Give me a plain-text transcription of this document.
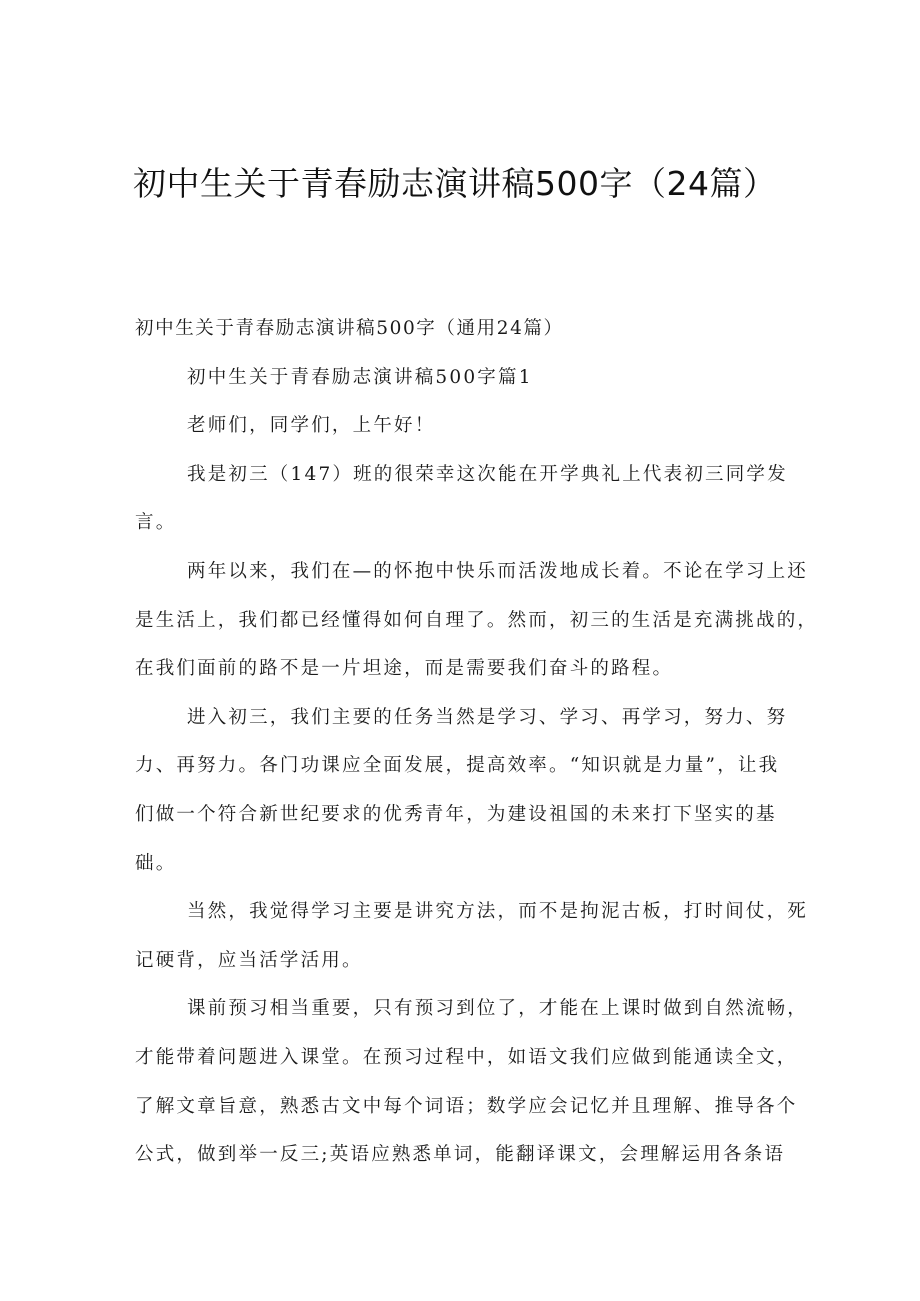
初中生关于青春励志演讲稿500字（24篇）
初中生关于青春励志演讲稿500字（通用24篇）
初中生关于青春励志演讲稿500字篇1
老师们，同学们，上午好！
我是初三（147）班的很荣幸这次能在开学典礼上代表初三同学发
言。
两年以来，我们在—的怀抱中快乐而活泼地成长着。不论在学习上还
是生活上，我们都已经懂得如何自理了。然而，初三的生活是充满挑战的，
在我们面前的路不是一片坦途，而是需要我们奋斗的路程。
进入初三，我们主要的任务当然是学习、学习、再学习，努力、努
力、再努力。各门功课应全面发展，提高效率。“知识就是力量”，让我
们做一个符合新世纪要求的优秀青年，为建设祖国的未来打下坚实的基
础。
当然，我觉得学习主要是讲究方法，而不是拘泥古板，打时间仗，死
记硬背，应当活学活用。
课前预习相当重要，只有预习到位了，才能在上课时做到自然流畅，
才能带着问题进入课堂。在预习过程中，如语文我们应做到能通读全文，
了解文章旨意，熟悉古文中每个词语；数学应会记忆并且理解、推导各个
公式，做到举一反三;英语应熟悉单词，能翻译课文，会理解运用各条语
